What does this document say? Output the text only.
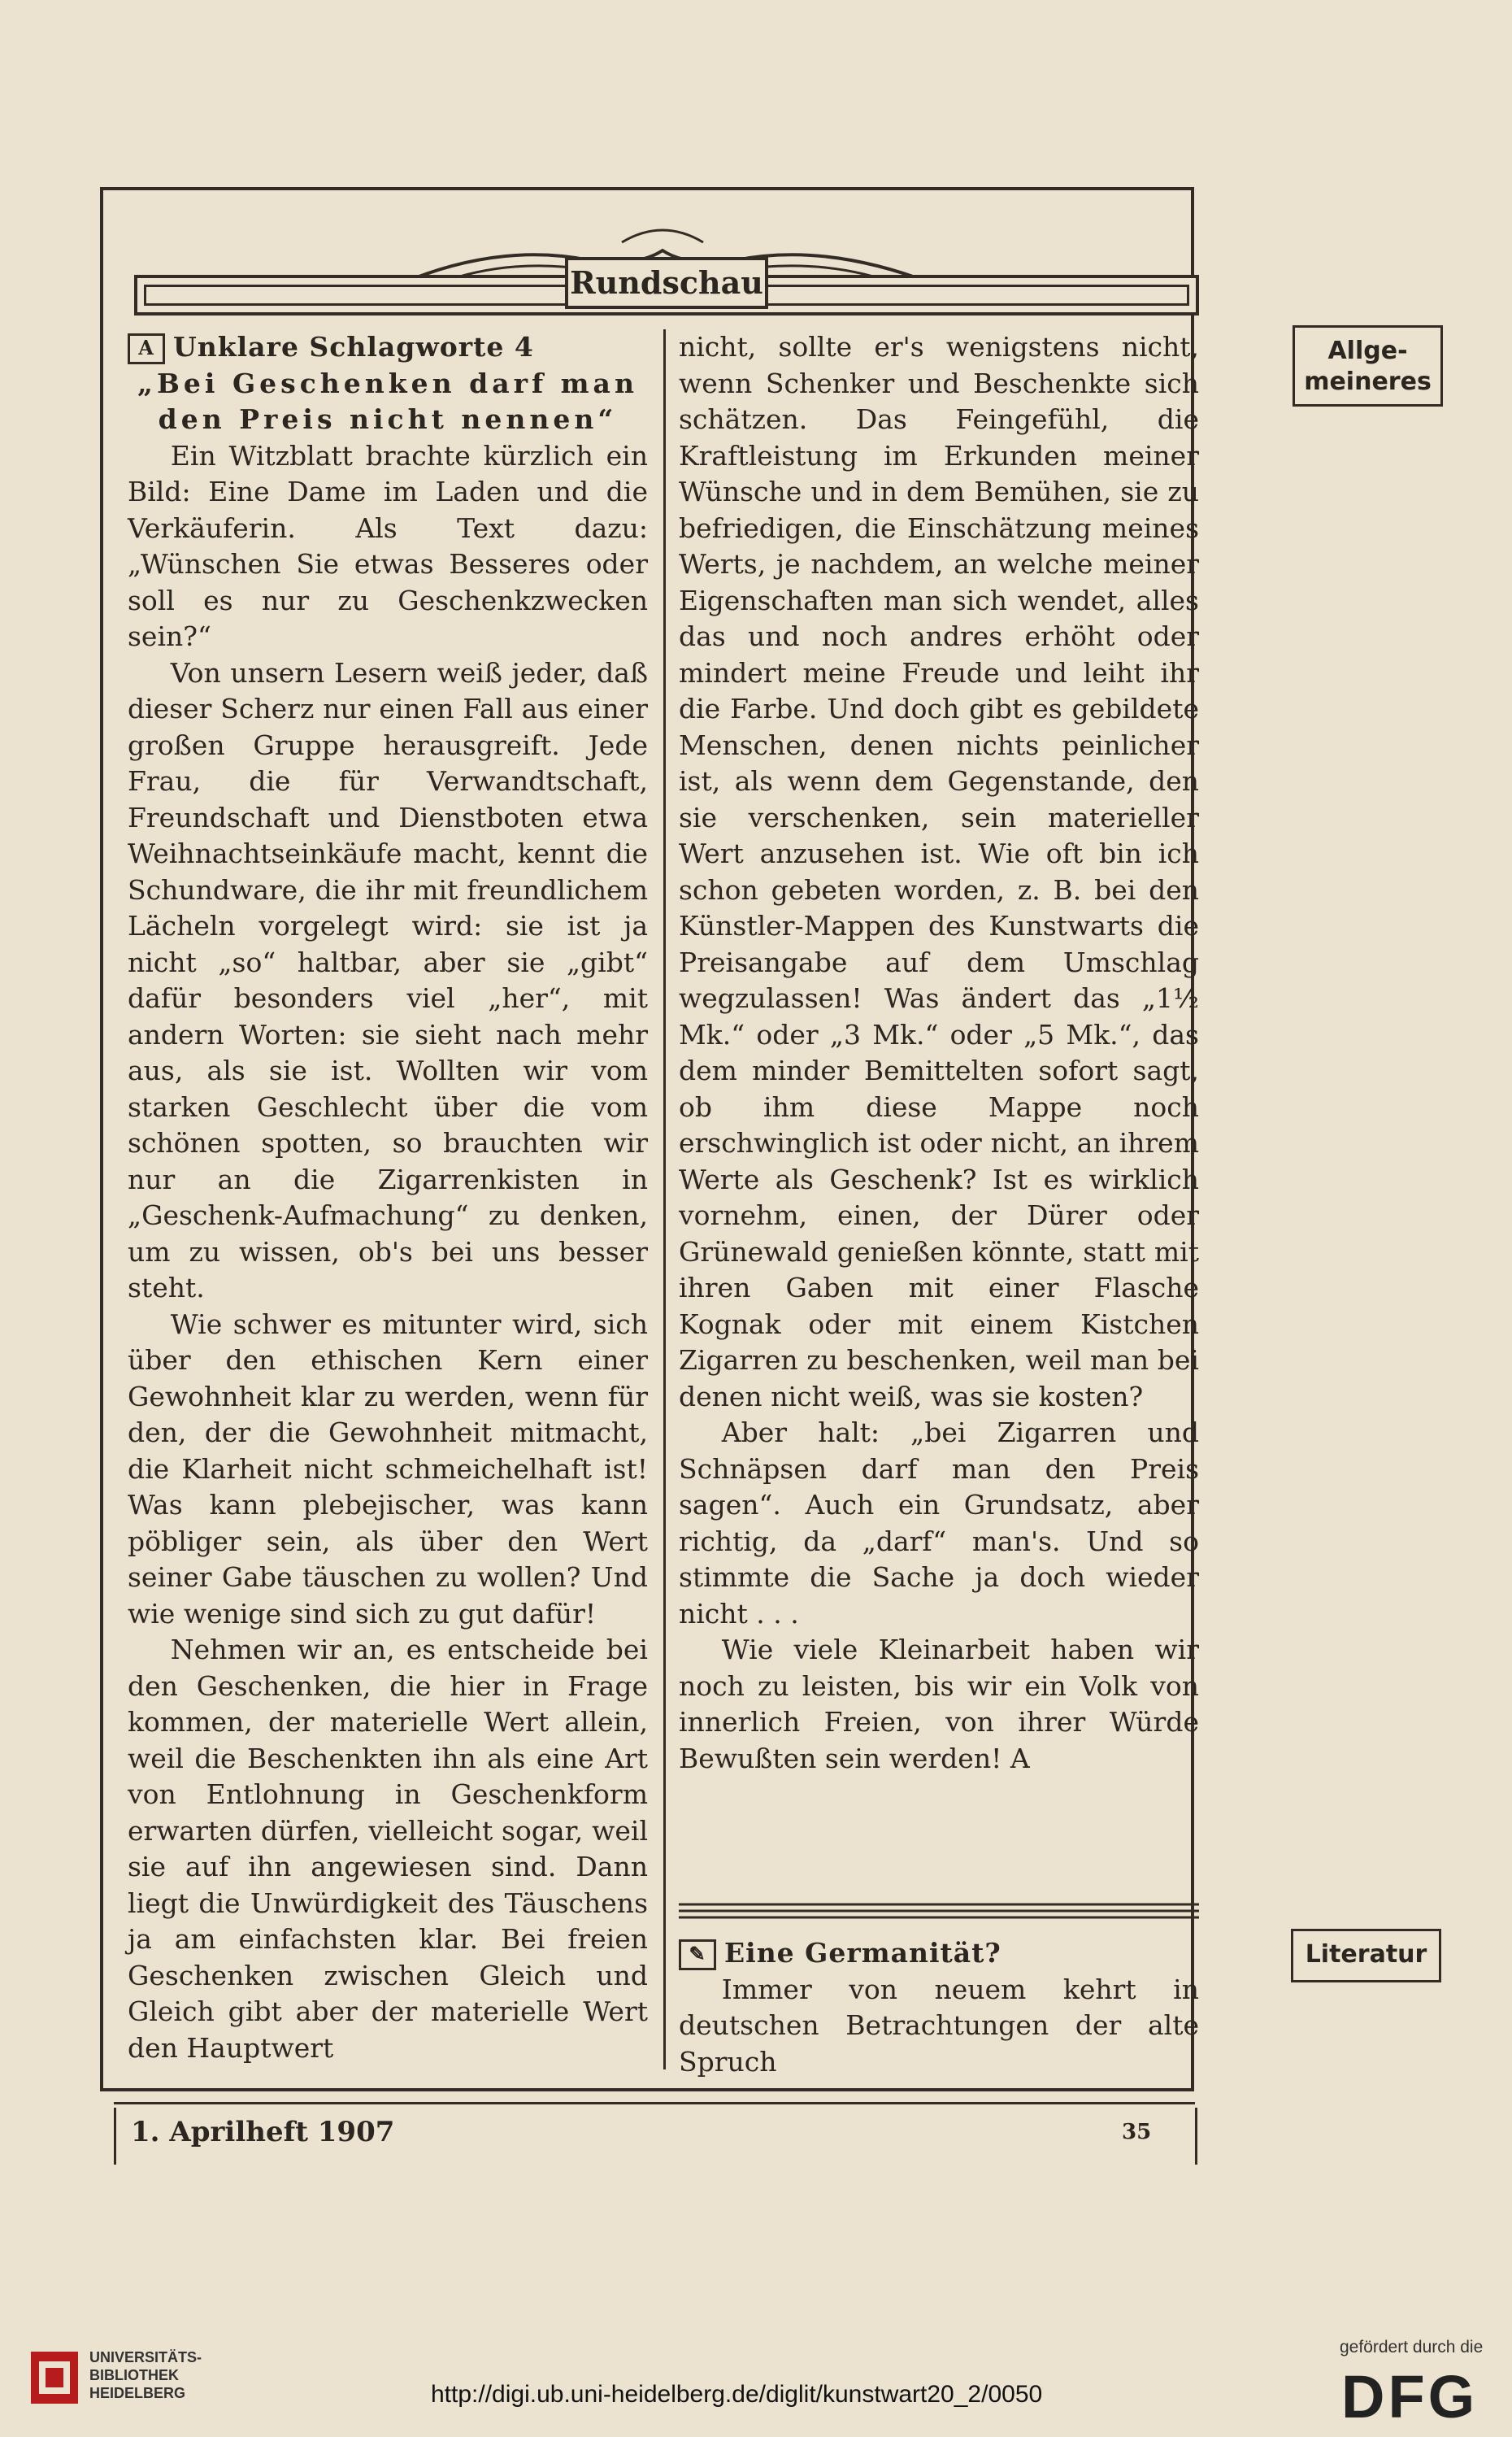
Rundschau
Allge-
meineres
Literatur

A Unklare Schlagworte 4

„Bei Geschenken darf man den Preis nicht nennen“

Ein Witzblatt brachte kürzlich ein Bild: Eine Dame im Laden und die Verkäuferin. Als Text dazu: „Wünschen Sie etwas Besseres oder soll es nur zu Geschenkzwecken sein?“

Von unsern Lesern weiß jeder, daß dieser Scherz nur einen Fall aus einer großen Gruppe herausgreift. Jede Frau, die für Verwandtschaft, Freundschaft und Dienstboten etwa Weihnachtseinkäufe macht, kennt die Schundware, die ihr mit freundlichem Lächeln vorgelegt wird: sie ist ja nicht „so“ haltbar, aber sie „gibt“ dafür besonders viel „her“, mit andern Worten: sie sieht nach mehr aus, als sie ist. Wollten wir vom starken Geschlecht über die vom schönen spotten, so brauchten wir nur an die Zigarrenkisten in „Geschenk-Aufmachung“ zu denken, um zu wissen, ob's bei uns besser steht.

Wie schwer es mitunter wird, sich über den ethischen Kern einer Gewohnheit klar zu werden, wenn für den, der die Gewohnheit mitmacht, die Klarheit nicht schmeichelhaft ist! Was kann plebejischer, was kann pöbliger sein, als über den Wert seiner Gabe täuschen zu wollen? Und wie wenige sind sich zu gut dafür!

Nehmen wir an, es entscheide bei den Geschenken, die hier in Frage kommen, der materielle Wert allein, weil die Beschenkten ihn als eine Art von Entlohnung in Geschenkform erwarten dürfen, vielleicht sogar, weil sie auf ihn angewiesen sind. Dann liegt die Unwürdigkeit des Täuschens ja am einfachsten klar. Bei freien Geschenken zwischen Gleich und Gleich gibt aber der materielle Wert den Hauptwert

nicht, sollte er's wenigstens nicht, wenn Schenker und Beschenkte sich schätzen. Das Feingefühl, die Kraftleistung im Erkunden meiner Wünsche und in dem Bemühen, sie zu befriedigen, die Einschätzung meines Werts, je nachdem, an welche meiner Eigenschaften man sich wendet, alles das und noch andres erhöht oder mindert meine Freude und leiht ihr die Farbe. Und doch gibt es gebildete Menschen, denen nichts peinlicher ist, als wenn dem Gegenstande, den sie verschenken, sein materieller Wert anzusehen ist. Wie oft bin ich schon gebeten worden, z. B. bei den Künstler-Mappen des Kunstwarts die Preisangabe auf dem Umschlag wegzulassen! Was ändert das „1½ Mk.“ oder „3 Mk.“ oder „5 Mk.“, das dem minder Bemittelten sofort sagt, ob ihm diese Mappe noch erschwinglich ist oder nicht, an ihrem Werte als Geschenk? Ist es wirklich vornehm, einen, der Dürer oder Grünewald genießen könnte, statt mit ihren Gaben mit einer Flasche Kognak oder mit einem Kistchen Zigarren zu beschenken, weil man bei denen nicht weiß, was sie kosten?

Aber halt: „bei Zigarren und Schnäpsen darf man den Preis sagen“. Auch ein Grundsatz, aber richtig, da „darf“ man's. Und so stimmte die Sache ja doch wieder nicht . . .

Wie viele Kleinarbeit haben wir noch zu leisten, bis wir ein Volk von innerlich Freien, von ihrer Würde Bewußten sein werden! A

✎ Eine Germanität?

Immer von neuem kehrt in deutschen Betrachtungen der alte Spruch

1. Aprilheft 1907	35
UNIVERSITÄTS-
BIBLIOTHEK
HEIDELBERG	http://digi.ub.uni-heidelberg.de/diglit/kunstwart20_2/0050
gefördert durch die
DFG
